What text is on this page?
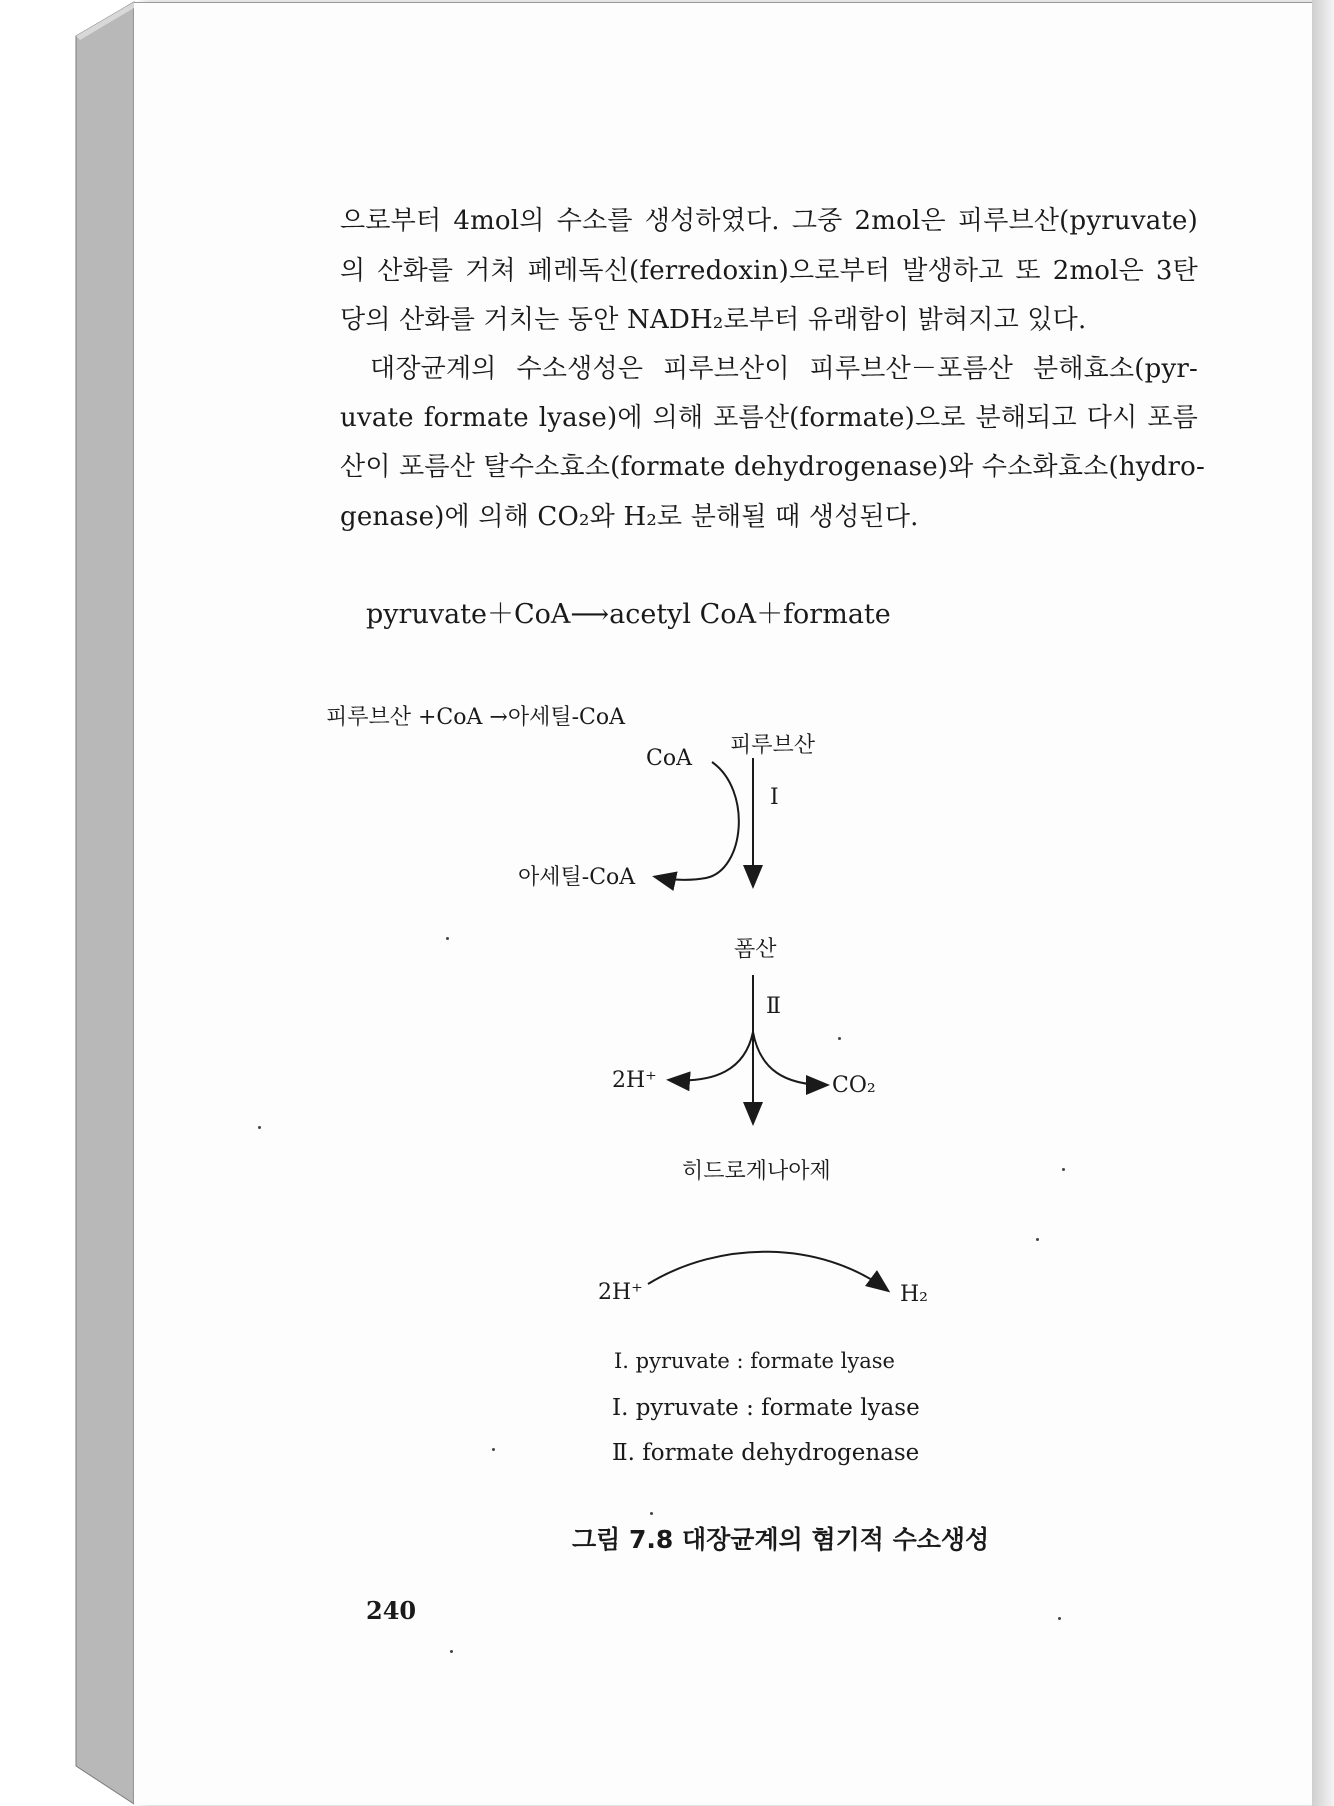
으로부터 4mol의 수소를 생성하였다. 그중 2mol은 피루브산(pyruvate)
의 산화를 거쳐 페레독신(ferredoxin)으로부터 발생하고 또 2mol은 3탄
당의 산화를 거치는 동안 NADH₂로부터 유래함이 밝혀지고 있다.
대장균계의 수소생성은 피루브산이 피루브산－포름산 분해효소(pyr-
uvate formate lyase)에 의해 포름산(formate)으로 분해되고 다시 포름
산이 포름산 탈수소효소(formate dehydrogenase)와 수소화효소(hydro-
genase)에 의해 CO₂와 H₂로 분해될 때 생성된다.
pyruvate＋CoA⟶acetyl CoA＋formate
피루브산 +CoA →아세틸-CoA
CoA
피루브산
Ⅰ
아세틸-CoA
폼산
Ⅱ
2H⁺	CO₂
히드로게나아제
2H⁺	H₂
Ⅰ. pyruvate : formate lyase
Ⅰ. pyruvate : formate lyase
Ⅱ. formate dehydrogenase
그림 7.8 대장균계의 혐기적 수소생성
240
